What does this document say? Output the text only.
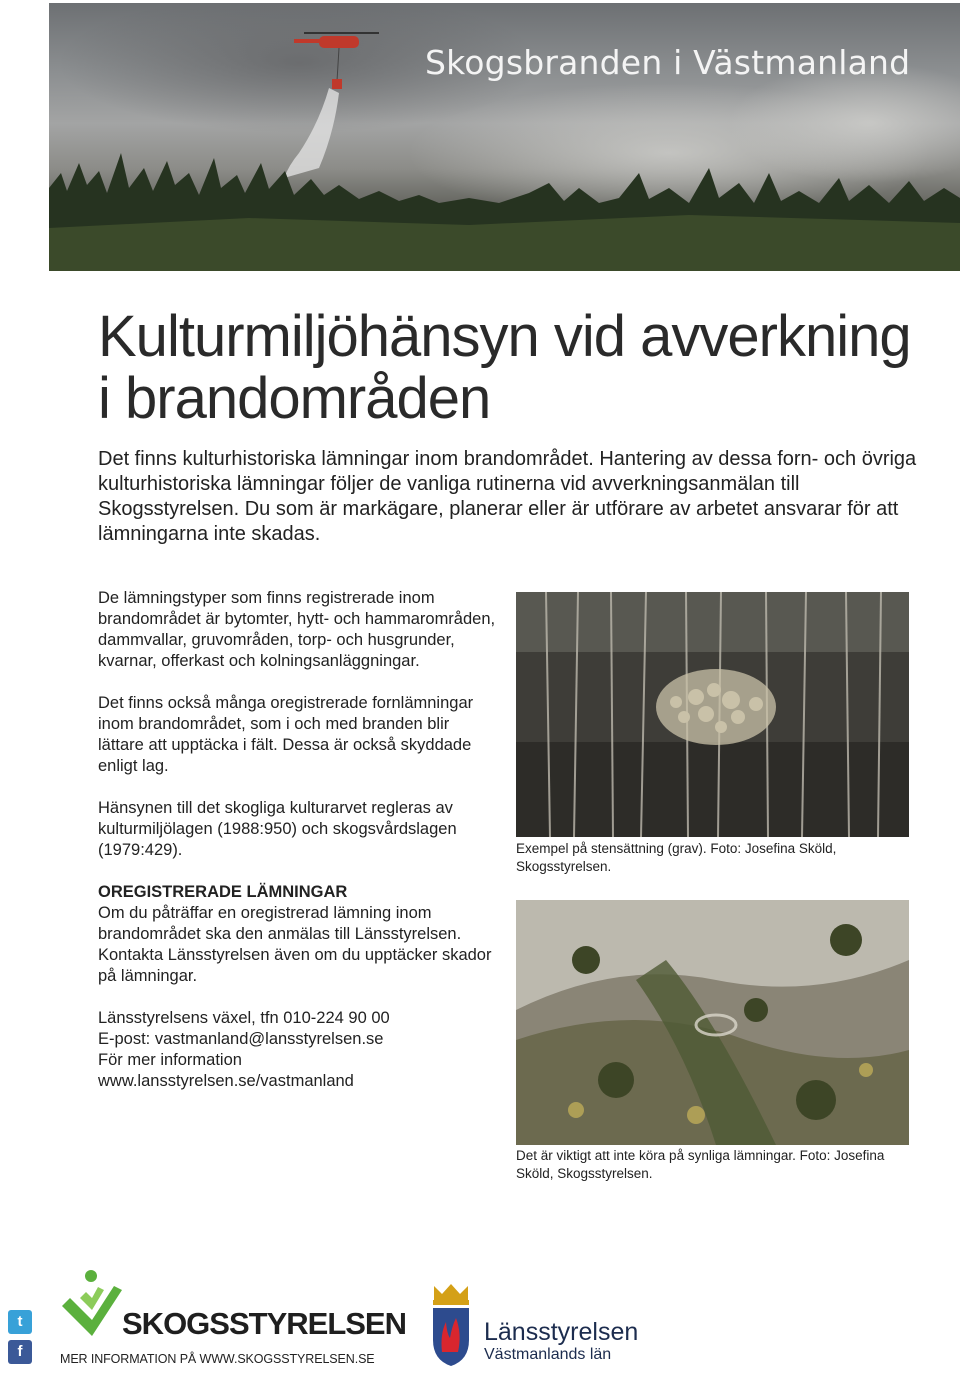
Skogsbranden i Västmanland
Kulturmiljöhänsyn vid avverkning
i brandområden

Det finns kulturhistoriska lämningar inom brandområdet. Hantering av dessa forn- och övriga kulturhistoriska lämningar följer de vanliga rutinerna vid avverkningsanmälan till Skogsstyrelsen. Du som är markägare, planerar eller är utförare av arbetet ansvarar för att lämningarna inte skadas.

De lämningstyper som finns registrerade inom brandområdet är bytomter, hytt- och hammarområden, dammvallar, gruvområden, torp- och husgrunder, kvarnar, offerkast och kolningsanläggningar.

Det finns också många oregistrerade fornlämningar inom brandområdet, som i och med branden blir lättare att upptäcka i fält. Dessa är också skyddade enligt lag.

Hänsynen till det skogliga kulturarvet regleras av kulturmiljölagen (1988:950) och skogsvårdslagen (1979:429).

OREGISTRERADE LÄMNINGAR

Om du påträffar en oregistrerad lämning inom brandområdet ska den anmälas till Länsstyrelsen. Kontakta Länsstyrelsen även om du upptäcker skador på lämningar.

Länsstyrelsens växel, tfn 010-224 90 00
E-post: vastmanland@lansstyrelsen.se
För mer information
www.lansstyrelsen.se/vastmanland
Exempel på stensättning (grav). Foto: Josefina Sköld, Skogsstyrelsen.
Det är viktigt att inte köra på synliga lämningar. Foto: Josefina Sköld, Skogsstyrelsen.
t
f
SKOGSSTYRELSEN
MER INFORMATION PÅ WWW.SKOGSSTYRELSEN.SE
Länsstyrelsen
Västmanlands län
